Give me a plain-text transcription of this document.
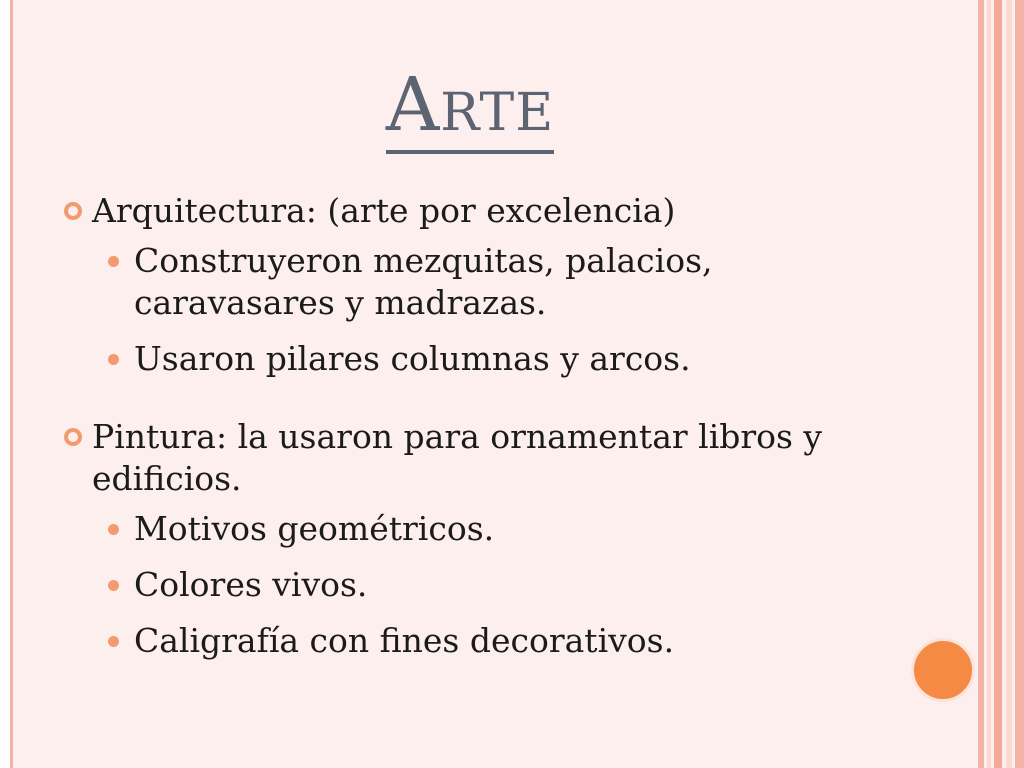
Arte
Arquitectura: (arte por excelencia)
Construyeron mezquitas, palacios, caravasares y madrazas.
Usaron pilares columnas y arcos.
Pintura: la usaron para ornamentar libros y edificios.
Motivos geométricos.
Colores vivos.
Caligrafía con fines decorativos.
